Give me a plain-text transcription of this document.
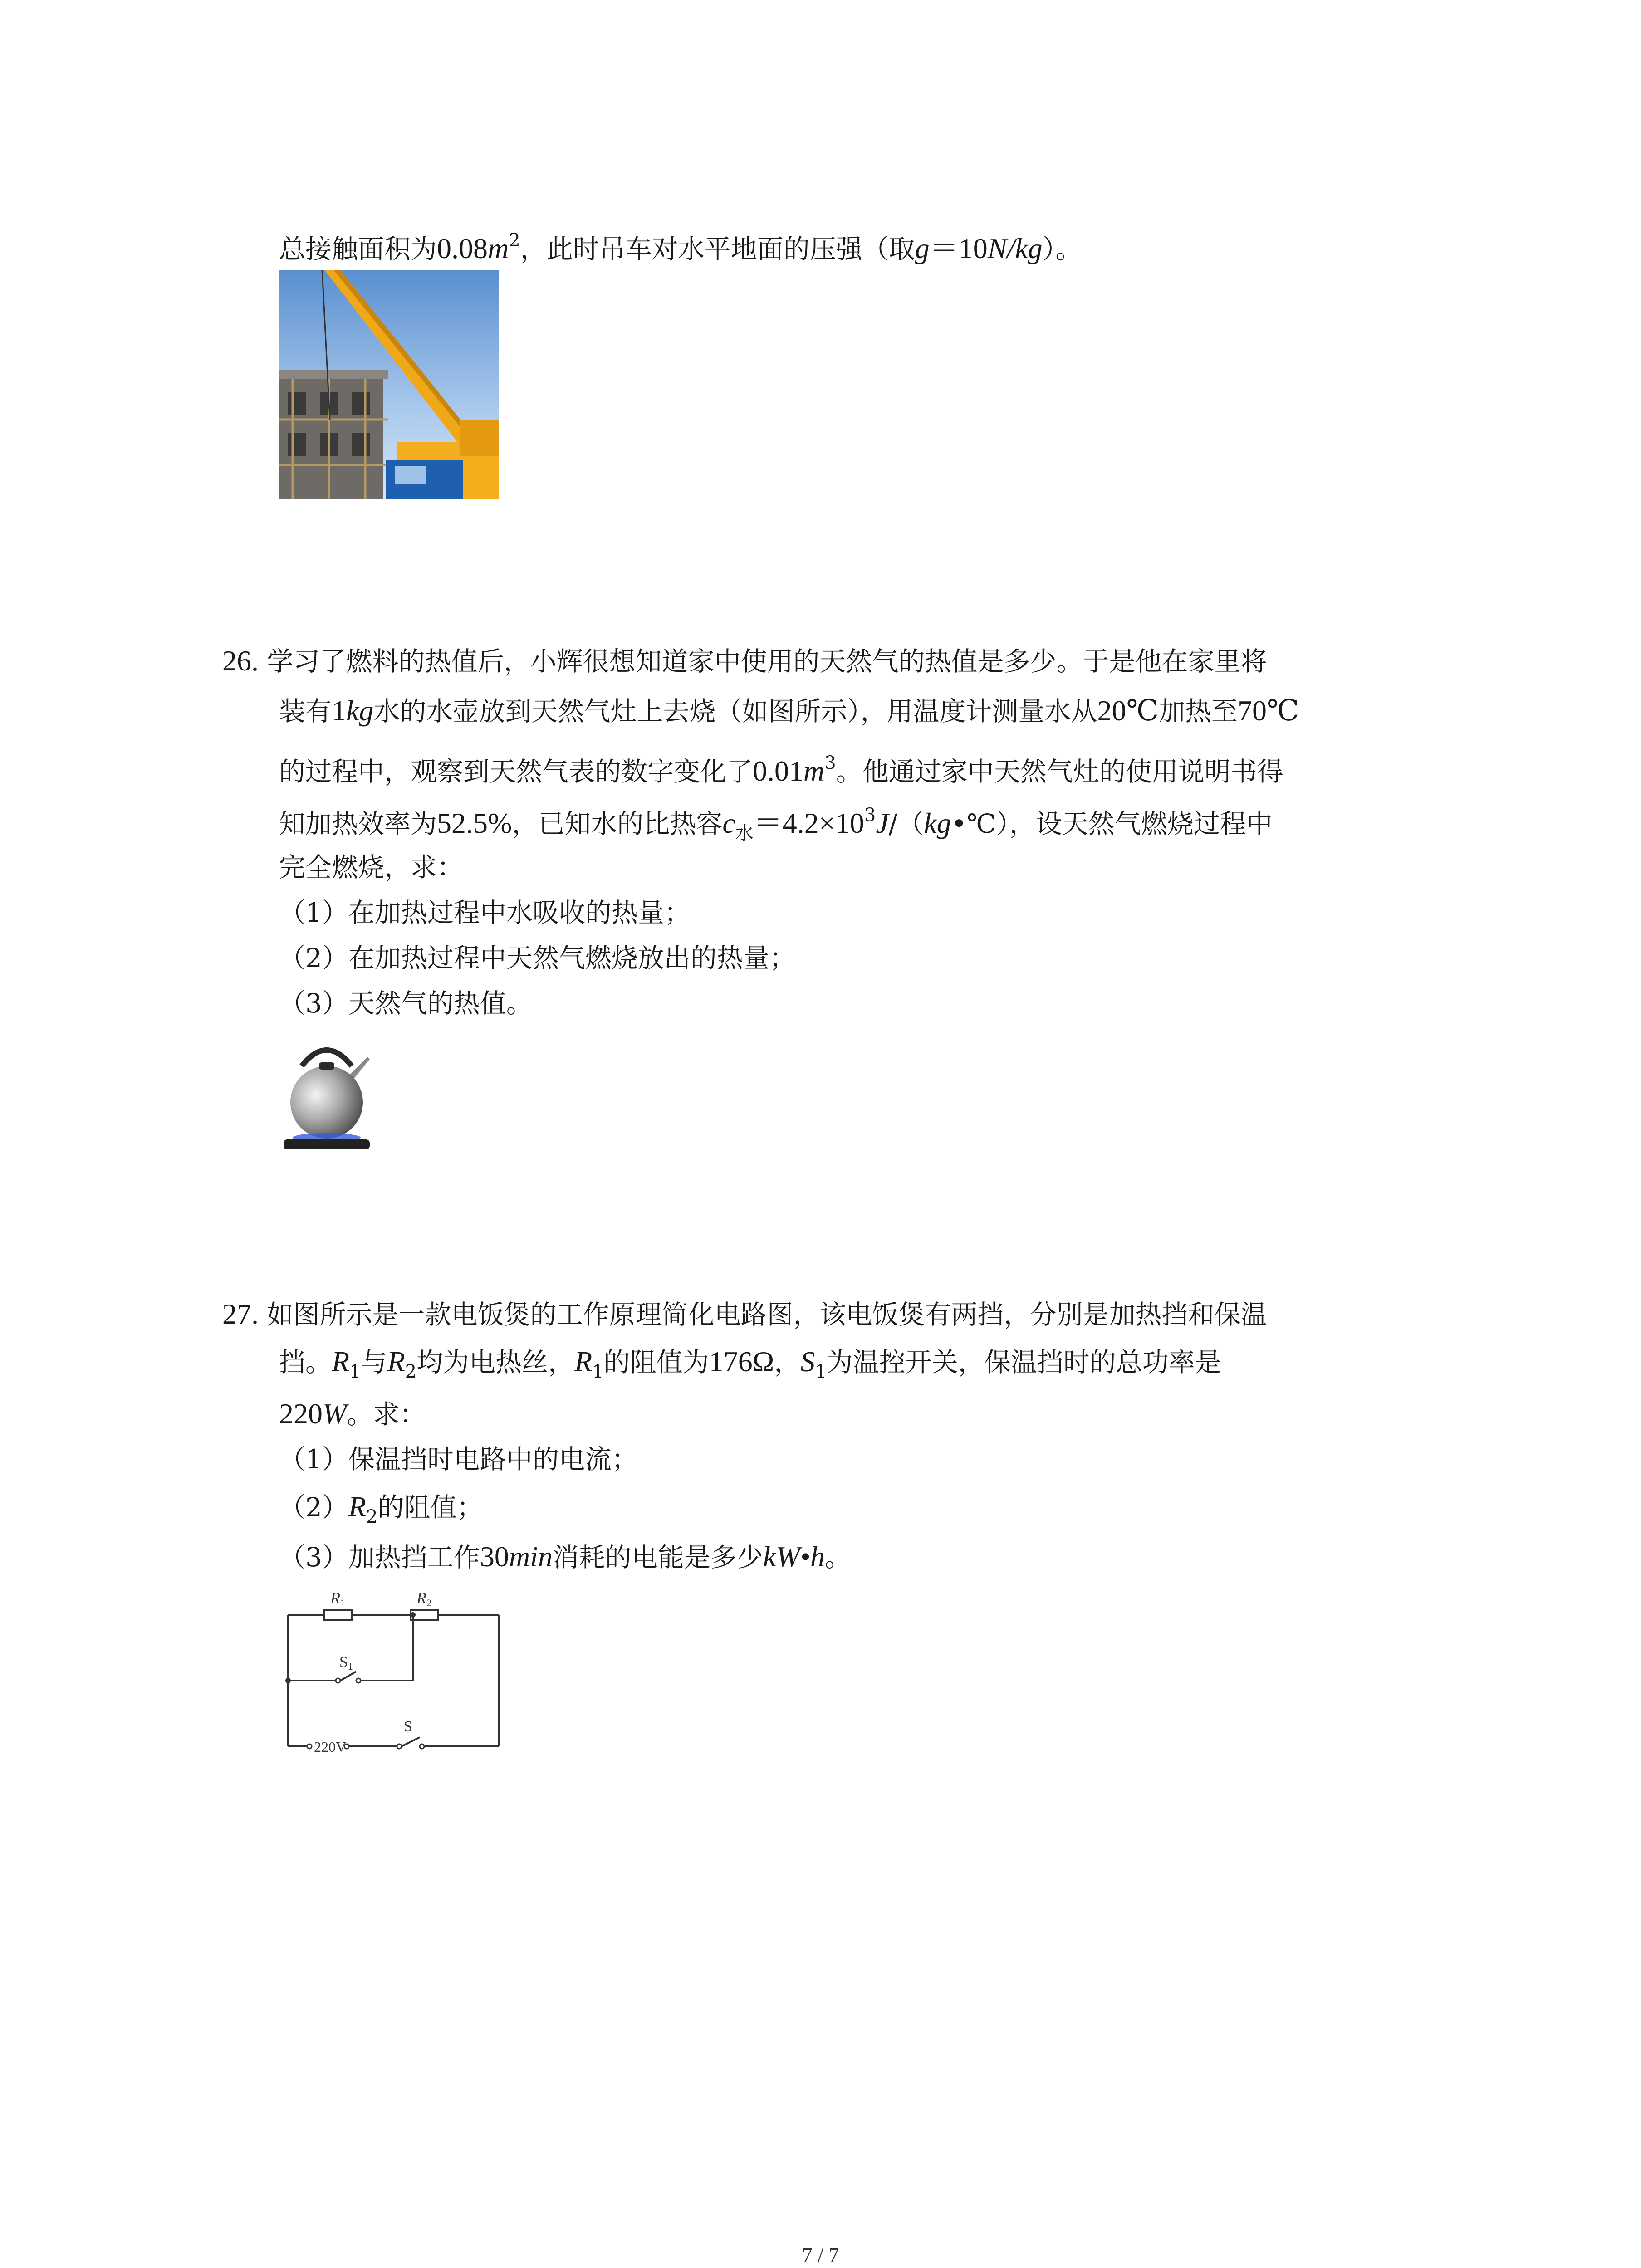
总接触面积为$0.08m^2$，此时吊车对水平地面的压强（取g＝10N/kg）。
26. 学习了燃料的热值后，小辉很想知道家中使用的天然气的热值是多少。于是他在家里将
装有1kg水的水壶放到天然气灶上去烧（如图所示），用温度计测量水从20℃加热至70℃
的过程中，观察到天然气表的数字变化了$0.01m^3$。他通过家中天然气灶的使用说明书得
知加热效率为52.5%，已知水的比热容$c_水=4.2\times 10^3J/(kg•℃)$，设天然气燃烧过程中
完全燃烧，求：
（1）在加热过程中水吸收的热量；
（2）在加热过程中天然气燃烧放出的热量；
（3）天然气的热值。
27. 如图所示是一款电饭煲的工作原理简化电路图，该电饭煲有两挡，分别是加热挡和保温
挡。$R_1$与$R_2$均为电热丝，$R_1$的阻值为176Ω，$S_1$为温控开关，保温挡时的总功率是
220W。求：
（1）保温挡时电路中的电流；
$(2)R_2$的阻值；
（3）加热挡工作30min消耗的电能是多少kW•h。
R1	R2
S1
S
220V
7 / 7
